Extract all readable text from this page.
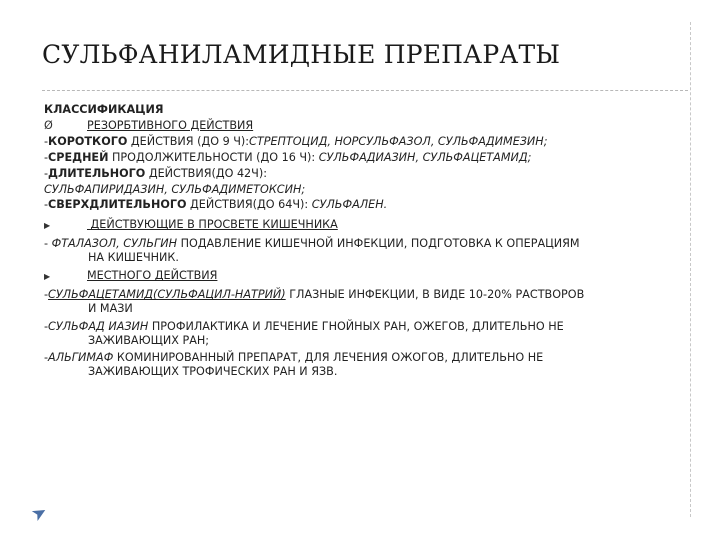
СУЛЬФАНИЛАМИДНЫЕ ПРЕПАРАТЫ
КЛАССИФИКАЦИЯ
Ø	РЕЗОРБТИВНОГО ДЕЙСТВИЯ
-КОРОТКОГО ДЕЙСТВИЯ (ДО 9 Ч):СТРЕПТОЦИД, НОРСУЛЬФАЗОЛ, СУЛЬФАДИМЕЗИН;
-СРЕДНЕЙ ПРОДОЛЖИТЕЛЬНОСТИ (ДО 16 Ч): СУЛЬФАДИАЗИН, СУЛЬФАЦЕТАМИД;
-ДЛИТЕЛЬНОГО ДЕЙСТВИЯ(ДО 42Ч):
СУЛЬФАПИРИДАЗИН, СУЛЬФАДИМЕТОКСИН;
-СВЕРХДЛИТЕЛЬНОГО ДЕЙСТВИЯ(ДО 64Ч): СУЛЬФАЛЕН.
▶	ДЕЙСТВУЮЩИЕ В ПРОСВЕТЕ КИШЕЧНИКА
- ФТАЛАЗОЛ, СУЛЬГИН ПОДАВЛЕНИЕ КИШЕЧНОЙ ИНФЕКЦИИ, ПОДГОТОВКА К ОПЕРАЦИЯМ
НА КИШЕЧНИК.
▶	МЕСТНОГО ДЕЙСТВИЯ
-СУЛЬФАЦЕТАМИД(СУЛЬФАЦИЛ-НАТРИЙ) ГЛАЗНЫЕ ИНФЕКЦИИ, В ВИДЕ 10-20% РАСТВОРОВ
И МАЗИ
-СУЛЬФАД ИАЗИН ПРОФИЛАКТИКА И ЛЕЧЕНИЕ ГНОЙНЫХ РАН, ОЖЕГОВ, ДЛИТЕЛЬНО НЕ
ЗАЖИВАЮЩИХ РАН;
-АЛЬГИМАФ КОМИНИРОВАННЫЙ ПРЕПАРАТ, ДЛЯ ЛЕЧЕНИЯ ОЖОГОВ, ДЛИТЕЛЬНО НЕ
ЗАЖИВАЮЩИХ ТРОФИЧЕСКИХ РАН И ЯЗВ.
➤
